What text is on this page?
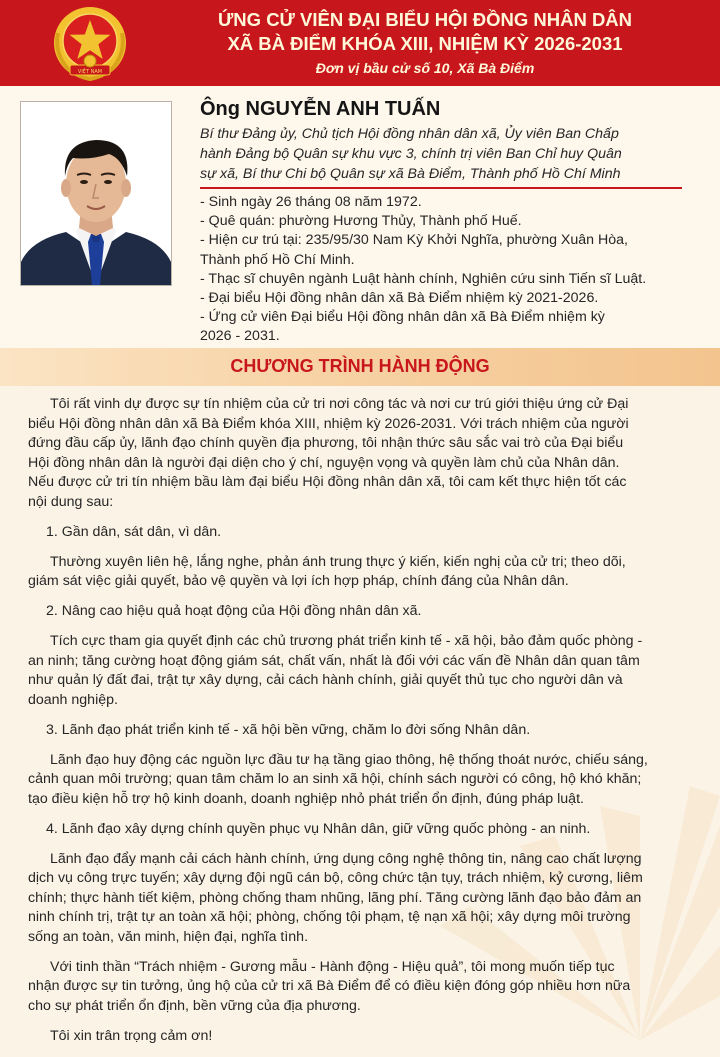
VIỆT NAM
ỨNG CỬ VIÊN ĐẠI BIỂU HỘI ĐỒNG NHÂN DÂN
XÃ BÀ ĐIỂM KHÓA XIII, NHIỆM KỲ 2026-2031
Đơn vị bầu cử số 10, Xã Bà Điểm
Ông NGUYỄN ANH TUẤN
Bí thư Đảng ủy, Chủ tịch Hội đồng nhân dân xã, Ủy viên Ban Chấp
hành Đảng bộ Quân sự khu vực 3, chính trị viên Ban Chỉ huy Quân
sự xã, Bí thư Chi bộ Quân sự xã Bà Điểm, Thành phố Hồ Chí Minh
- Sinh ngày 26 tháng 08 năm 1972.
- Quê quán: phường Hương Thủy, Thành phố Huế.
- Hiện cư trú tại: 235/95/30 Nam Kỳ Khởi Nghĩa, phường Xuân Hòa,
Thành phố Hồ Chí Minh.
- Thạc sĩ chuyên ngành Luật hành chính, Nghiên cứu sinh Tiến sĩ Luật.
- Đại biểu Hội đồng nhân dân xã Bà Điểm nhiệm kỳ 2021-2026.
- Ứng cử viên Đại biểu Hội đồng nhân dân xã Bà Điểm nhiệm kỳ
2026 - 2031.
CHƯƠNG TRÌNH HÀNH ĐỘNG

Tôi rất vinh dự được sự tín nhiệm của cử tri nơi công tác và nơi cư trú giới thiệu ứng cử Đại
biểu Hội đồng nhân dân xã Bà Điểm khóa XIII, nhiệm kỳ 2026-2031. Với trách nhiệm của người
đứng đầu cấp ủy, lãnh đạo chính quyền địa phương, tôi nhận thức sâu sắc vai trò của Đại biểu
Hội đồng nhân dân là người đại diện cho ý chí, nguyện vọng và quyền làm chủ của Nhân dân.
Nếu được cử tri tín nhiệm bầu làm đại biểu Hội đồng nhân dân xã, tôi cam kết thực hiện tốt các
nội dung sau:

1. Gần dân, sát dân, vì dân.

Thường xuyên liên hệ, lắng nghe, phản ánh trung thực ý kiến, kiến nghị của cử tri; theo dõi,
giám sát việc giải quyết, bảo vệ quyền và lợi ích hợp pháp, chính đáng của Nhân dân.

2. Nâng cao hiệu quả hoạt động của Hội đồng nhân dân xã.

Tích cực tham gia quyết định các chủ trương phát triển kinh tế - xã hội, bảo đảm quốc phòng -
an ninh; tăng cường hoạt động giám sát, chất vấn, nhất là đối với các vấn đề Nhân dân quan tâm
như quản lý đất đai, trật tự xây dựng, cải cách hành chính, giải quyết thủ tục cho người dân và
doanh nghiệp.

3. Lãnh đạo phát triển kinh tế - xã hội bền vững, chăm lo đời sống Nhân dân.

Lãnh đạo huy động các nguồn lực đầu tư hạ tầng giao thông, hệ thống thoát nước, chiếu sáng,
cảnh quan môi trường; quan tâm chăm lo an sinh xã hội, chính sách người có công, hộ khó khăn;
tạo điều kiện hỗ trợ hộ kinh doanh, doanh nghiệp nhỏ phát triển ổn định, đúng pháp luật.

4. Lãnh đạo xây dựng chính quyền phục vụ Nhân dân, giữ vững quốc phòng - an ninh.

Lãnh đạo đẩy mạnh cải cách hành chính, ứng dụng công nghệ thông tin, nâng cao chất lượng
dịch vụ công trực tuyến; xây dựng đội ngũ cán bộ, công chức tận tụy, trách nhiệm, kỷ cương, liêm
chính; thực hành tiết kiệm, phòng chống tham nhũng, lãng phí. Tăng cường lãnh đạo bảo đảm an
ninh chính trị, trật tự an toàn xã hội; phòng, chống tội phạm, tệ nạn xã hội; xây dựng môi trường
sống an toàn, văn minh, hiện đại, nghĩa tình.

Với tinh thần “Trách nhiệm - Gương mẫu - Hành động - Hiệu quả”, tôi mong muốn tiếp tục
nhận được sự tin tưởng, ủng hộ của cử tri xã Bà Điểm để có điều kiện đóng góp nhiều hơn nữa
cho sự phát triển ổn định, bền vững của địa phương.

Tôi xin trân trọng cảm ơn!
